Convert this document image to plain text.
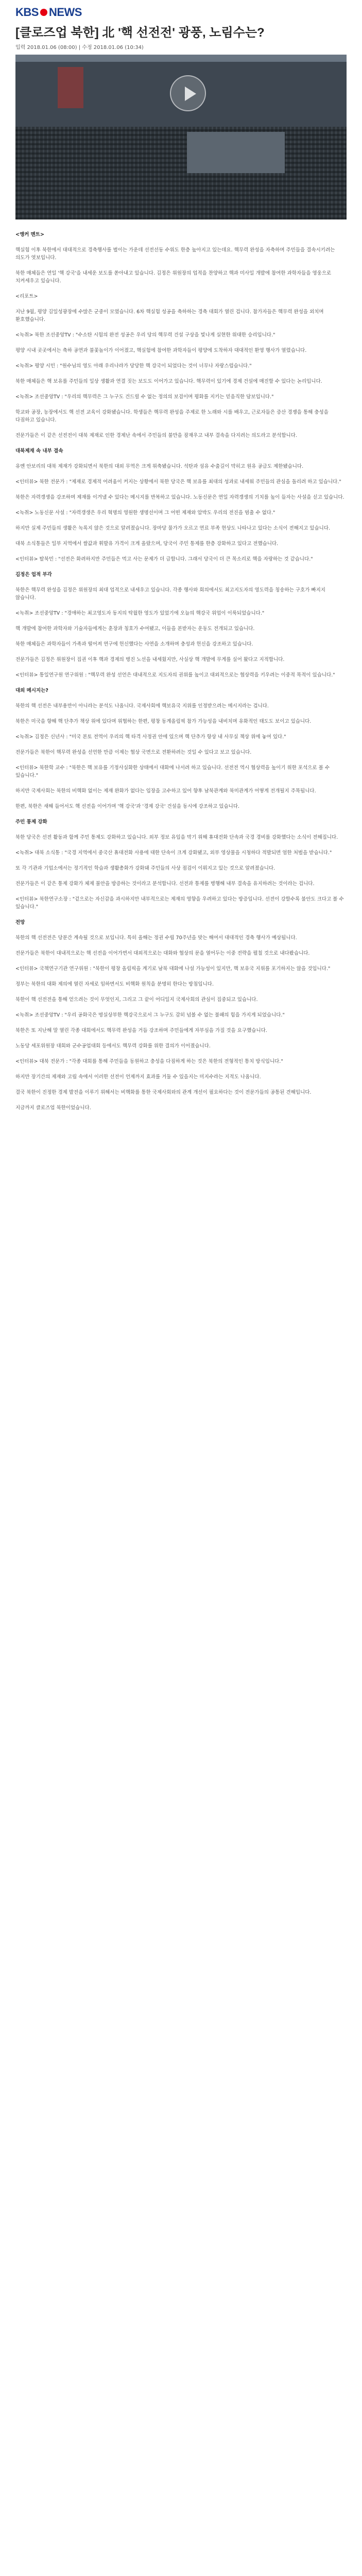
KBS NEWS
[클로즈업 북한] 北 '핵 선전전' 광풍, 노림수는?
입력 2018.01.06 (08:00) | 수정 2018.01.06 (10:34)

<앵커 멘트>

핵실험 이후 북한에서 대대적으로 경축행사를 벌이는 가운데 선전선동 수위도 한층 높아지고 있는데요. 핵무력 완성을 자축하며 주민들을 결속시키려는 의도가 엿보입니다.

북한 매체들은 연일 '핵 강국'을 내세운 보도를 쏟아내고 있습니다. 김정은 위원장의 업적을 찬양하고 핵과 미사일 개발에 참여한 과학자들을 영웅으로 치켜세우고 있습니다.

<리포트>

지난 9월, 평양 김일성광장에 수많은 군중이 모였습니다. 6차 핵실험 성공을 축하하는 경축 대회가 열린 겁니다. 참가자들은 핵무력 완성을 외치며 환호했습니다.

<녹취> 북한 조선중앙TV : "수소탄 시험의 완전 성공은 우리 당의 핵무력 건설 구상을 빛나게 실현한 위대한 승리입니다."

평양 시내 곳곳에서는 축하 공연과 불꽃놀이가 이어졌고, 핵실험에 참여한 과학자들이 평양에 도착하자 대대적인 환영 행사가 열렸습니다.

<녹취> 평양 시민 : "원수님의 영도 아래 우리나라가 당당한 핵 강국이 되었다는 것이 너무나 자랑스럽습니다."

북한 매체들은 핵 보유를 주민들의 일상 생활과 연결 짓는 보도도 이어가고 있습니다. 핵무력이 있기에 경제 건설에 매진할 수 있다는 논리입니다.

<녹취> 조선중앙TV : "우리의 핵무력은 그 누구도 건드릴 수 없는 정의의 보검이며 평화를 지키는 믿음직한 담보입니다."

학교와 공장, 농장에서도 핵 선전 교육이 강화됐습니다. 학생들은 핵무력 완성을 주제로 한 노래와 시를 배우고, 근로자들은 증산 경쟁을 통해 충성을 다짐하고 있습니다.

전문가들은 이 같은 선전전이 대북 제재로 인한 경제난 속에서 주민들의 불만을 잠재우고 내부 결속을 다지려는 의도라고 분석합니다.

대북제재 속 내부 결속

유엔 안보리의 대북 제재가 강화되면서 북한의 대외 무역은 크게 위축됐습니다. 석탄과 섬유 수출길이 막히고 원유 공급도 제한됐습니다.

<인터뷰> 북한 전문가 : "제재로 경제적 어려움이 커지는 상황에서 북한 당국은 핵 보유를 최대의 성과로 내세워 주민들의 관심을 돌리려 하고 있습니다."

북한은 자력갱생을 강조하며 제재를 이겨낼 수 있다는 메시지를 반복하고 있습니다. 노동신문은 연일 자력갱생의 기치를 높이 들자는 사설을 싣고 있습니다.

<녹취> 노동신문 사설 : "자력갱생은 우리 혁명의 영원한 생명선이며 그 어떤 제재와 압박도 우리의 전진을 멈출 수 없다."

하지만 실제 주민들의 생활은 녹록지 않은 것으로 알려졌습니다. 장마당 물가가 오르고 연료 부족 현상도 나타나고 있다는 소식이 전해지고 있습니다.

대북 소식통들은 일부 지역에서 쌀값과 휘발유 가격이 크게 올랐으며, 당국이 주민 통제를 한층 강화하고 있다고 전했습니다.

<인터뷰> 탈북민 : "선전은 화려하지만 주민들은 먹고 사는 문제가 더 급합니다. 그래서 당국이 더 큰 목소리로 핵을 자랑하는 것 같습니다."

김정은 업적 부각

북한은 핵무력 완성을 김정은 위원장의 최대 업적으로 내세우고 있습니다. 각종 행사와 회의에서도 최고지도자의 영도력을 칭송하는 구호가 빠지지 않습니다.

<녹취> 조선중앙TV : "경애하는 최고영도자 동지의 탁월한 영도가 있었기에 오늘의 핵강국 위업이 이룩되었습니다."

핵 개발에 참여한 과학자와 기술자들에게는 훈장과 칭호가 수여됐고, 이들을 본받자는 운동도 전개되고 있습니다.

북한 매체들은 과학자들이 가족과 떨어져 연구에 헌신했다는 사연을 소개하며 충성과 헌신을 강조하고 있습니다.

전문가들은 김정은 위원장이 집권 이후 핵과 경제의 병진 노선을 내세웠지만, 사실상 핵 개발에 무게를 실어 왔다고 지적합니다.

<인터뷰> 통일연구원 연구위원 : "핵무력 완성 선언은 대내적으로 지도자의 권위를 높이고 대외적으로는 협상력을 키우려는 이중적 목적이 있습니다."

대외 메시지는?

북한의 핵 선전은 내부용만이 아니라는 분석도 나옵니다. 국제사회에 핵보유국 지위를 인정받으려는 메시지라는 겁니다.

북한은 미국을 향해 핵 단추가 책상 위에 있다며 위협하는 한편, 평창 동계올림픽 참가 가능성을 내비치며 유화적인 태도도 보이고 있습니다.

<녹취> 김정은 신년사 : "미국 본토 전역이 우리의 핵 타격 사정권 안에 있으며 핵 단추가 항상 내 사무실 책상 위에 놓여 있다."

전문가들은 북한이 핵무력 완성을 선언한 만큼 이제는 협상 국면으로 전환하려는 것일 수 있다고 보고 있습니다.

<인터뷰> 북한학 교수 : "북한은 핵 보유를 기정사실화한 상태에서 대화에 나서려 하고 있습니다. 선전전 역시 협상력을 높이기 위한 포석으로 볼 수 있습니다."

하지만 국제사회는 북한의 비핵화 없이는 제재 완화가 없다는 입장을 고수하고 있어 향후 남북관계와 북미관계가 어떻게 전개될지 주목됩니다.

한편, 북한은 새해 들어서도 핵 선전을 이어가며 '핵 강국'과 '경제 강국' 건설을 동시에 강조하고 있습니다.

주민 통제 강화

북한 당국은 선전 활동과 함께 주민 통제도 강화하고 있습니다. 외부 정보 유입을 막기 위해 휴대전화 단속과 국경 경비를 강화했다는 소식이 전해집니다.

<녹취> 대북 소식통 : "국경 지역에서 중국산 휴대전화 사용에 대한 단속이 크게 강화됐고, 외부 영상물을 시청하다 적발되면 엄한 처벌을 받습니다."

또 각 기관과 기업소에서는 정기적인 학습과 생활총화가 강화돼 주민들의 사상 점검이 이뤄지고 있는 것으로 알려졌습니다.

전문가들은 이 같은 통제 강화가 체제 불안을 방증하는 것이라고 분석합니다. 선전과 통제를 병행해 내부 결속을 유지하려는 것이라는 겁니다.

<인터뷰> 북한연구소장 : "겉으로는 자신감을 과시하지만 내부적으로는 제재의 영향을 우려하고 있다는 방증입니다. 선전이 강할수록 불안도 크다고 볼 수 있습니다."

전망

북한의 핵 선전전은 당분간 계속될 것으로 보입니다. 특히 올해는 정권 수립 70주년을 맞는 해여서 대대적인 경축 행사가 예상됩니다.

전문가들은 북한이 대내적으로는 핵 선전을 이어가면서 대외적으로는 대화와 협상의 문을 열어두는 이중 전략을 펼칠 것으로 내다봤습니다.

<인터뷰> 국책연구기관 연구위원 : "북한이 평창 올림픽을 계기로 남북 대화에 나설 가능성이 있지만, 핵 보유국 지위를 포기하지는 않을 것입니다."

정부는 북한의 대화 제의에 열린 자세로 임하면서도 비핵화 원칙을 분명히 한다는 방침입니다.

북한이 핵 선전전을 통해 얻으려는 것이 무엇인지, 그리고 그 끝이 어디일지 국제사회의 관심이 집중되고 있습니다.

<녹취> 조선중앙TV : "우리 공화국은 명실상부한 핵강국으로서 그 누구도 감히 넘볼 수 없는 불패의 힘을 가지게 되었습니다."

북한은 또 지난해 말 열린 각종 대회에서도 핵무력 완성을 거듭 강조하며 주민들에게 자부심을 가질 것을 요구했습니다.

노동당 세포위원장 대회와 군수공업대회 등에서도 핵무력 강화를 위한 결의가 이어졌습니다.

<인터뷰> 대북 전문가 : "각종 대회를 통해 주민들을 동원하고 충성을 다짐하게 하는 것은 북한의 전형적인 통치 방식입니다."

하지만 장기간의 제재와 고립 속에서 이러한 선전이 언제까지 효과를 거둘 수 있을지는 미지수라는 지적도 나옵니다.

결국 북한이 진정한 경제 발전을 이루기 위해서는 비핵화를 통한 국제사회와의 관계 개선이 필요하다는 것이 전문가들의 공통된 견해입니다.

지금까지 클로즈업 북한이었습니다.
